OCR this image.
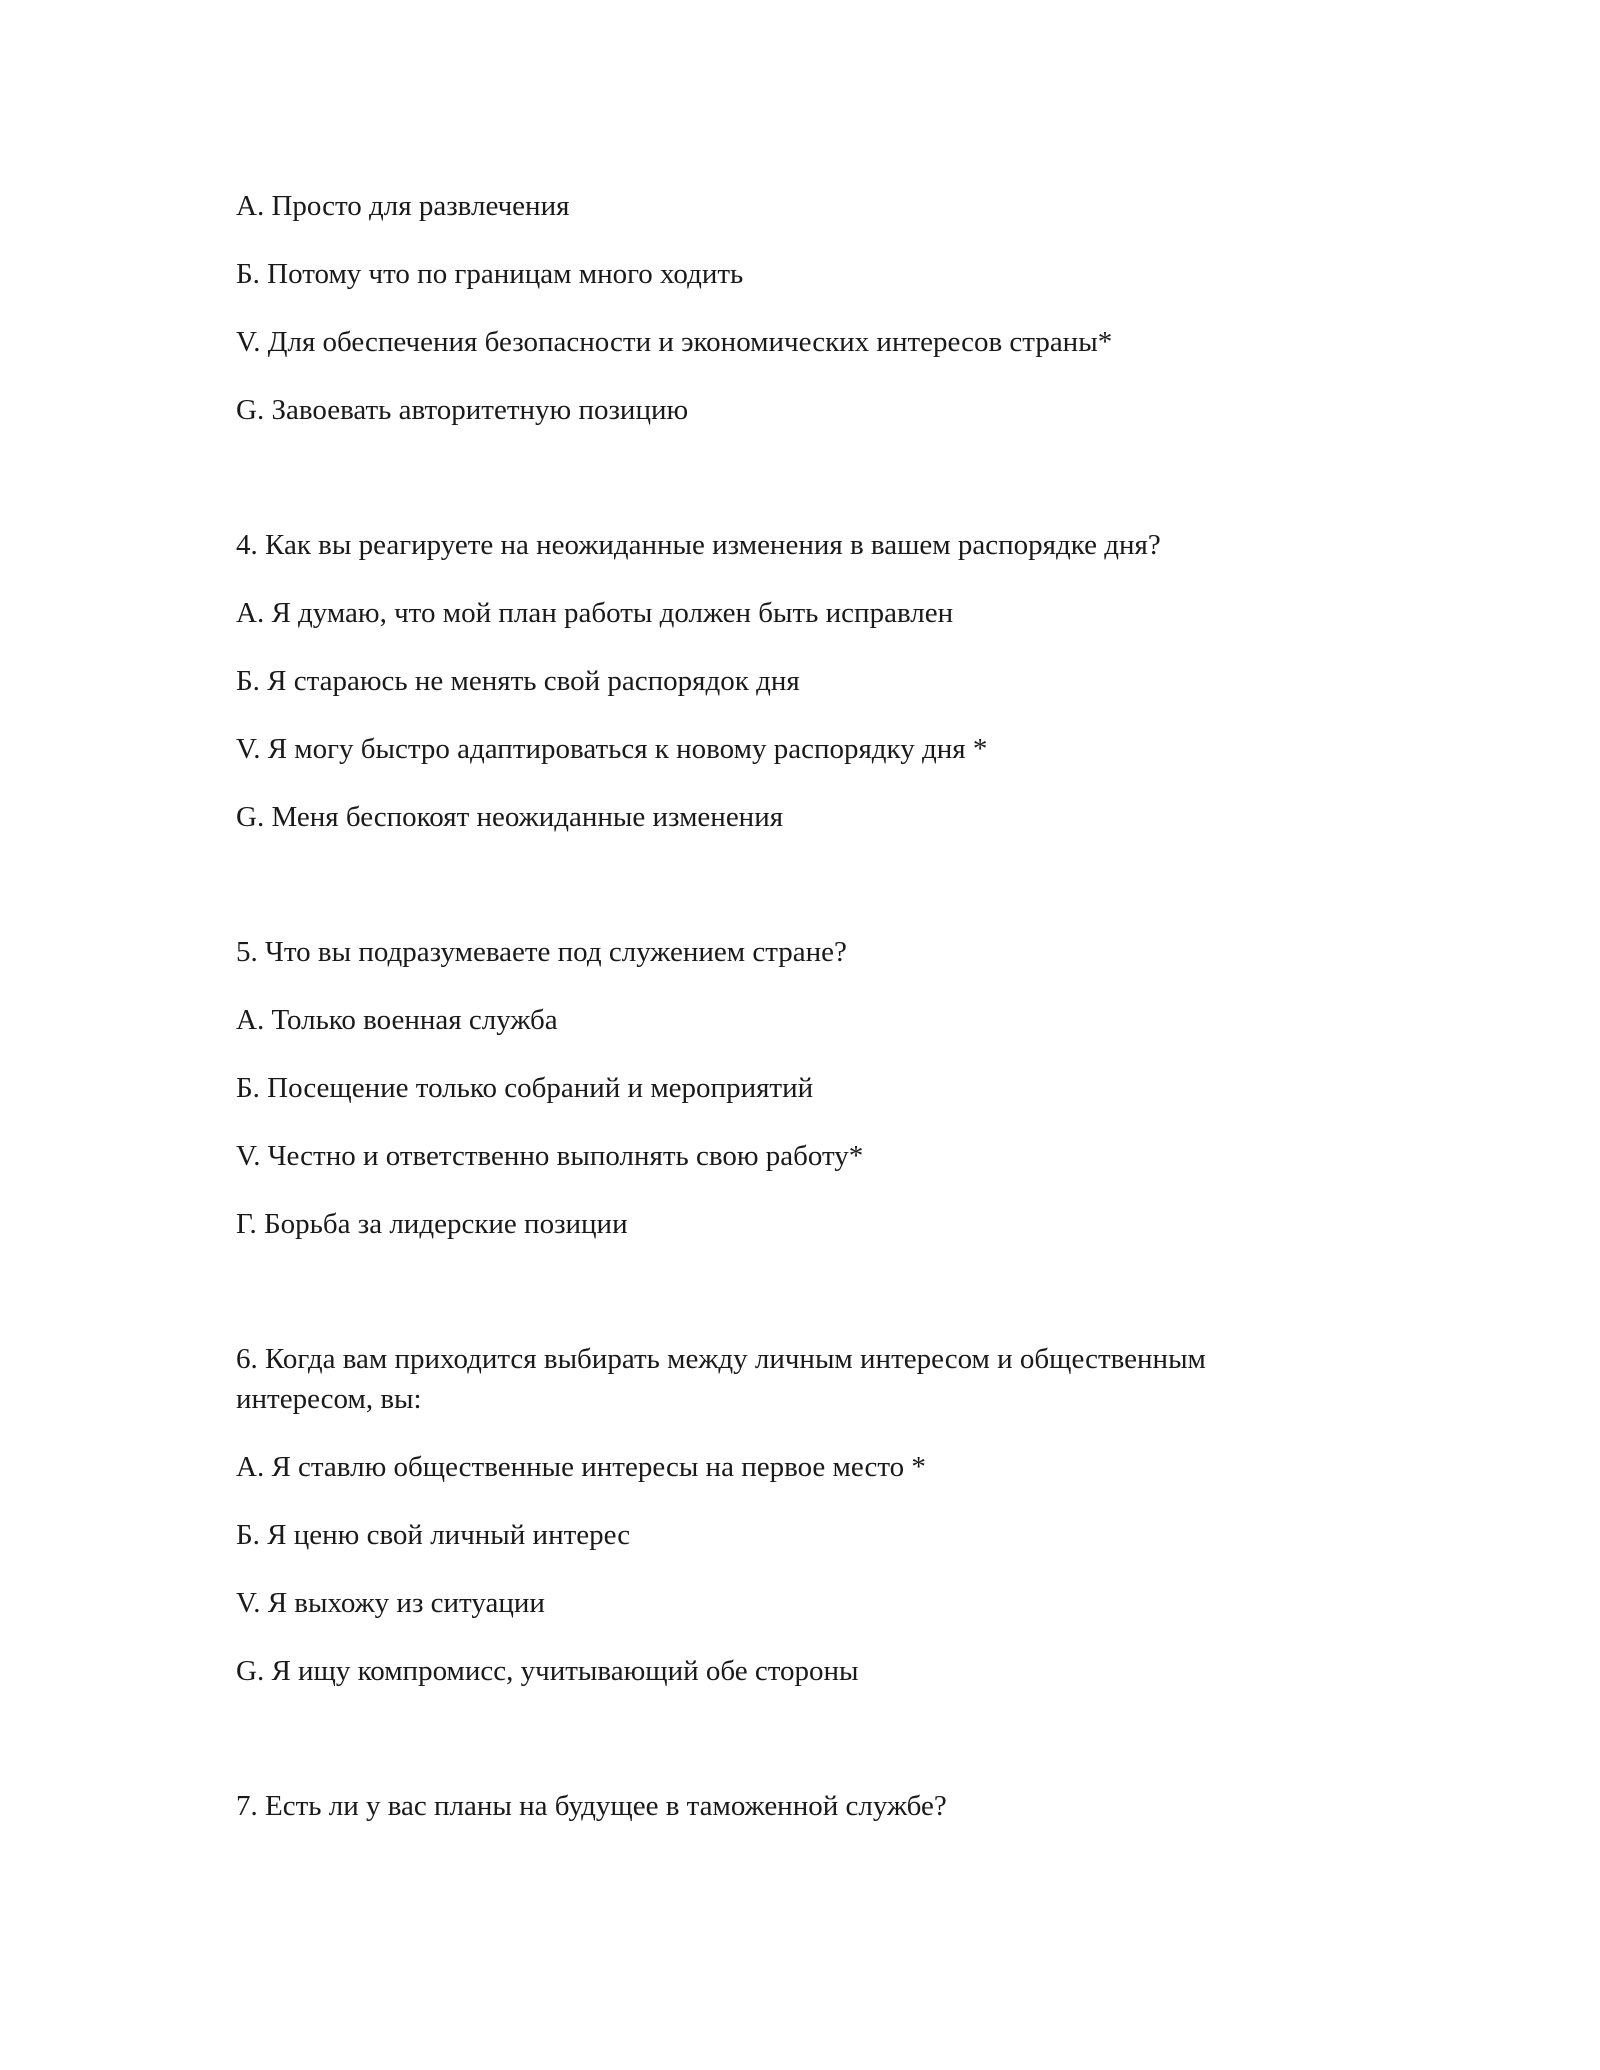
А. Просто для развлечения

Б. Потому что по границам много ходить

V. Для обеспечения безопасности и экономических интересов страны*

G. Завоевать авторитетную позицию

4. Как вы реагируете на неожиданные изменения в вашем распорядке дня?

А. Я думаю, что мой план работы должен быть исправлен

Б. Я стараюсь не менять свой распорядок дня

V. Я могу быстро адаптироваться к новому распорядку дня *

G. Меня беспокоят неожиданные изменения

5. Что вы подразумеваете под служением стране?

А. Только военная служба

Б. Посещение только собраний и мероприятий

V. Честно и ответственно выполнять свою работу*

Г. Борьба за лидерские позиции

6. Когда вам приходится выбирать между личным интересом и общественным интересом, вы:

А. Я ставлю общественные интересы на первое место *

Б. Я ценю свой личный интерес

V. Я выхожу из ситуации

G. Я ищу компромисс, учитывающий обе стороны

7. Есть ли у вас планы на будущее в таможенной службе?
